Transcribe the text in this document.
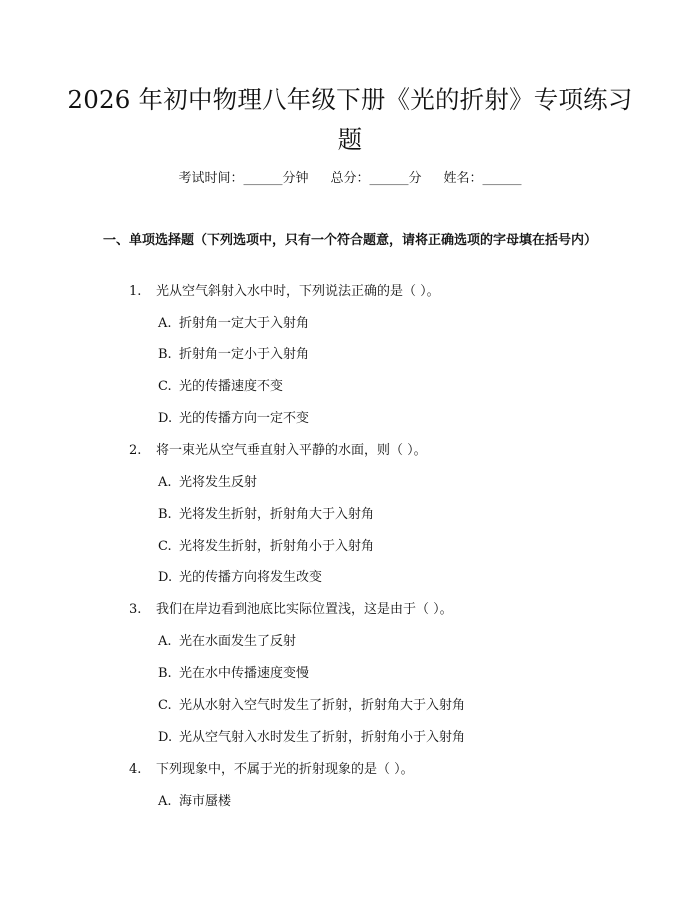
2026 年初中物理八年级下册《光的折射》专项练习题
考试时间：______分钟 总分：______分 姓名：______
一、单项选择题（下列选项中，只有一个符合题意，请将正确选项的字母填在括号内）
1. 光从空气斜射入水中时，下列说法正确的是（ ）。
A. 折射角一定大于入射角
B. 折射角一定小于入射角
C. 光的传播速度不变
D. 光的传播方向一定不变
2. 将一束光从空气垂直射入平静的水面，则（ ）。
A. 光将发生反射
B. 光将发生折射，折射角大于入射角
C. 光将发生折射，折射角小于入射角
D. 光的传播方向将发生改变
3. 我们在岸边看到池底比实际位置浅，这是由于（ ）。
A. 光在水面发生了反射
B. 光在水中传播速度变慢
C. 光从水射入空气时发生了折射，折射角大于入射角
D. 光从空气射入水时发生了折射，折射角小于入射角
4. 下列现象中，不属于光的折射现象的是（ ）。
A. 海市蜃楼
